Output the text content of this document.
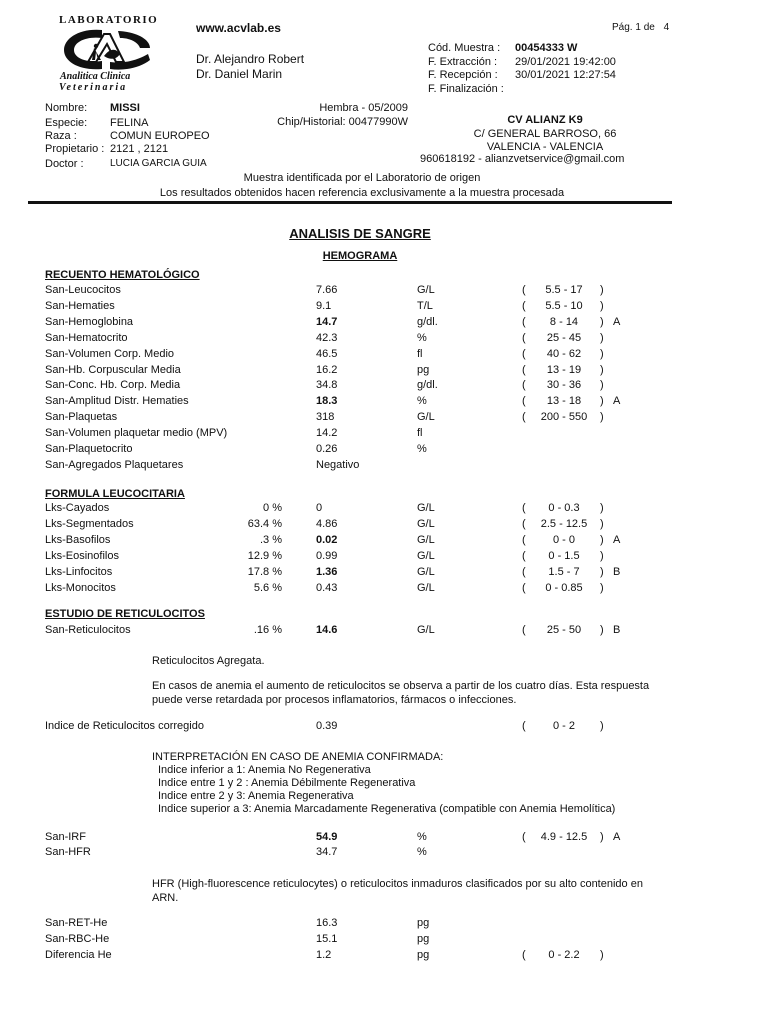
LABORATORIO
Analitica Clinica
Veterinaria
www.acvlab.es
Dr. Alejandro Robert
Dr. Daniel Marin
Pág. 1 de 4
Cód. Muestra : 00454333 W
F. Extracción : 29/01/2021 19:42:00
F. Recepción : 30/01/2021 12:27:54
F. Finalización :
Nombre: MISSI
Especie: FELINA
Raza :	COMUN EUROPEO
Propietario : 2121 , 2121
Doctor :	LUCIA GARCIA GUIA
Hembra - 05/2009
Chip/Historial: 00477990W	CV ALIANZ K9
C/ GENERAL BARROSO, 66
VALENCIA - VALENCIA
960618192 - alianzvetservice@gmail.com
Muestra identificada por el Laboratorio de origen
Los resultados obtenidos hacen referencia exclusivamente a la muestra procesada
ANALISIS DE SANGRE
HEMOGRAMA
RECUENTO HEMATOLÓGICO
San-Leucocitos	7.66	G/L	(	5.5 - 17	)
San-Hematies	9.1	T/L	(	5.5 - 10	)
San-Hemoglobina	14.7	g/dl.	(	8 - 14	) A
San-Hematocrito	42.3	%	(	25 - 45	)
San-Volumen Corp. Medio	46.5	fl	(	40 - 62	)
San-Hb. Corpuscular Media	16.2	pg	(	13 - 19	)
San-Conc. Hb. Corp. Media	34.8	g/dl.	(	30 - 36	)
San-Amplitud Distr. Hematies	18.3	%	(	13 - 18	) A
San-Plaquetas	318	G/L	(	200 - 550	)
San-Volumen plaquetar medio (MPV)	14.2	fl
San-Plaquetocrito	0.26	%
San-Agregados Plaquetares	Negativo
FORMULA LEUCOCITARIA
Lks-Cayados	0 %	0	G/L	(	0 - 0.3	)
Lks-Segmentados	63.4 %	4.86	G/L	(	2.5 - 12.5	)
Lks-Basofilos	.3 %	0.02	G/L	(	0 - 0	) A
Lks-Eosinofilos	12.9 %	0.99	G/L	(	0 - 1.5	)
Lks-Linfocitos	17.8 %	1.36	G/L	(	1.5 - 7	) B
Lks-Monocitos	5.6 %	0.43	G/L	(	0 - 0.85	)
ESTUDIO DE RETICULOCITOS
San-Reticulocitos	.16 %	14.6	G/L	(	25 - 50	) B
Reticulocitos Agregata.
En casos de anemia el aumento de reticulocitos se observa a partir de los cuatro días. Esta respuesta puede verse retardada por procesos inflamatorios, fármacos o infecciones.
Indice de Reticulocitos corregido	0.39	(	0 - 2	)
INTERPRETACIÓN EN CASO DE ANEMIA CONFIRMADA:
Indice inferior a 1: Anemia No Regenerativa
Indice entre 1 y 2 : Anemia Débilmente Regenerativa
Indice entre 2 y 3: Anemia Regenerativa
Indice superior a 3: Anemia Marcadamente Regenerativa (compatible con Anemia Hemolítica)
San-IRF	54.9	%	(	4.9 - 12.5	) A
San-HFR	34.7	%
HFR (High-fluorescence reticulocytes) o reticulocitos inmaduros clasificados por su alto contenido en ARN.
San-RET-He	16.3	pg
San-RBC-He	15.1	pg
Diferencia He	1.2	pg	(	0 - 2.2	)
